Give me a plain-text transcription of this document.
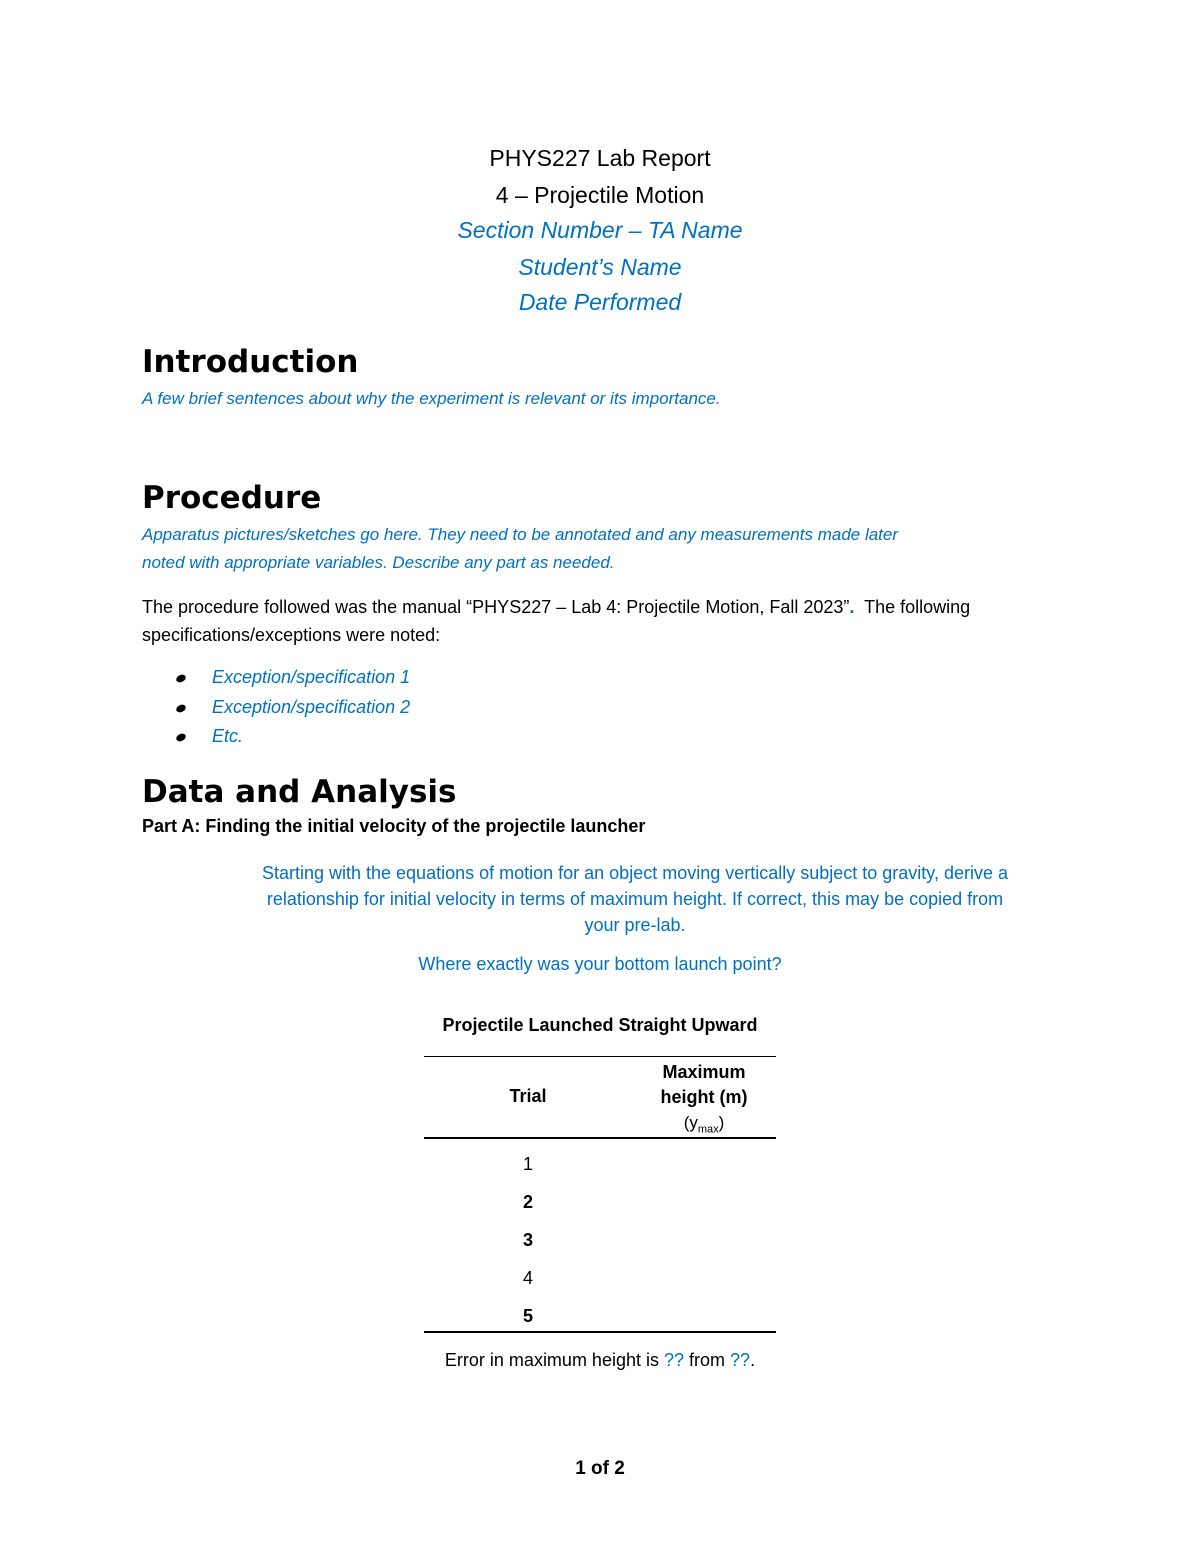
PHYS227 Lab Report
4 – Projectile Motion
Section Number – TA Name
Student’s Name
Date Performed
Introduction
A few brief sentences about why the experiment is relevant or its importance.
Procedure
Apparatus pictures/sketches go here. They need to be annotated and any measurements made later
noted with appropriate variables. Describe any part as needed.
The procedure followed was the manual “PHYS227 – Lab 4: Projectile Motion, Fall 2023”.  The following
specifications/exceptions were noted:
Exception/specification 1
Exception/specification 2
Etc.
Data and Analysis
Part A: Finding the initial velocity of the projectile launcher
Starting with the equations of motion for an object moving vertically subject to gravity, derive a
relationship for initial velocity in terms of maximum height. If correct, this may be copied from
your pre-lab.
Where exactly was your bottom launch point?
Projectile Launched Straight Upward
Trial
Maximum
height (m)
$(y_{max})$
1
2
3
4
5
Error in maximum height is ?? from ??.
1 of 2
